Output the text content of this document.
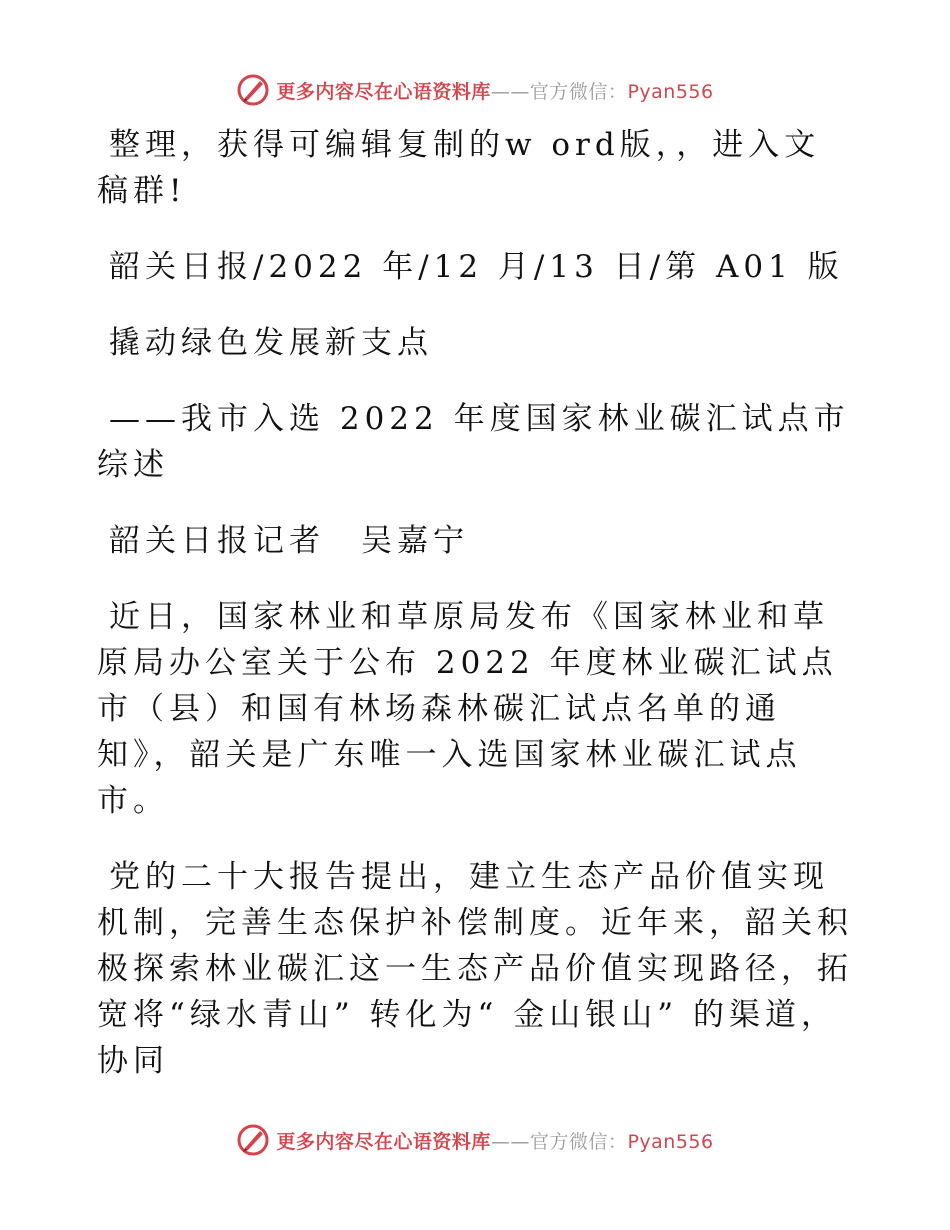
更多内容尽在心语资料库——官方微信：Pyan556

整理，获得可编辑复制的w ord版，，进入文稿群!

韶关日报/2022 年/12 月/13 日/第 A01 版

撬动绿色发展新支点

——我市入选 2022 年度国家林业碳汇试点市综述

韶关日报记者　吴嘉宁

近日，国家林业和草原局发布《国家林业和草原局办公室关于公布 2022 年度林业碳汇试点市（县）和国有林场森林碳汇试点名单的通知》，韶关是广东唯一入选国家林业碳汇试点市。

党的二十大报告提出，建立生态产品价值实现机制，完善生态保护补偿制度。近年来，韶关积极探索林业碳汇这一生态产品价值实现路径，拓宽将“绿水青山” 转化为“ 金山银山” 的渠道，协同

更多内容尽在心语资料库——官方微信：Pyan556
